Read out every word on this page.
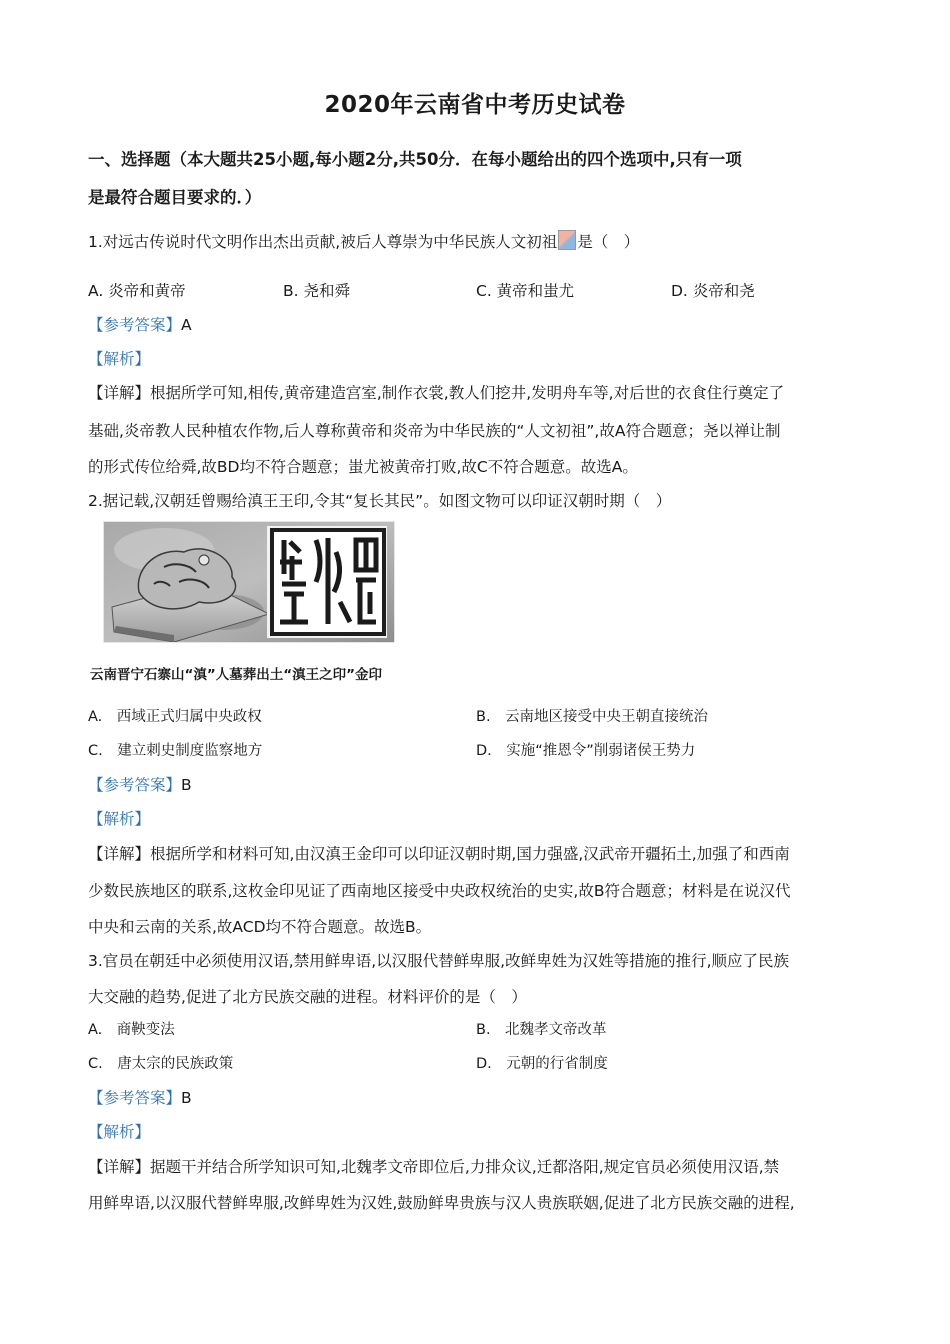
2020年云南省中考历史试卷
一、选择题（本大题共25小题,每小题2分,共50分．在每小题给出的四个选项中,只有一项
是最符合题目要求的．）
1.对远古传说时代文明作出杰出贡献,被后人尊崇为中华民族人文初祖 是（　）
A. 炎帝和黄帝	B. 尧和舜	C. 黄帝和蚩尤	D. 炎帝和尧
【参考答案】A
【解析】
【详解】根据所学可知,相传,黄帝建造宫室,制作衣裳,教人们挖井,发明舟车等,对后世的衣食住行奠定了
基础,炎帝教人民种植农作物,后人尊称黄帝和炎帝为中华民族的“人文初祖”,故A符合题意；尧以禅让制
的形式传位给舜,故BD均不符合题意；蚩尤被黄帝打败,故C不符合题意。故选A。
2.据记载,汉朝廷曾赐给滇王王印,令其“复长其民”。如图文物可以印证汉朝时期（　）
云南晋宁石寨山“滇”人墓葬出土“滇王之印”金印
A.　西域正式归属中央政权	B.　云南地区接受中央王朝直接统治
C.　建立刺史制度监察地方	D.　实施“推恩令”削弱诸侯王势力
【参考答案】B
【解析】
【详解】根据所学和材料可知,由汉滇王金印可以印证汉朝时期,国力强盛,汉武帝开疆拓土,加强了和西南
少数民族地区的联系,这枚金印见证了西南地区接受中央政权统治的史实,故B符合题意；材料是在说汉代
中央和云南的关系,故ACD均不符合题意。故选B。
3.官员在朝廷中必须使用汉语,禁用鲜卑语,以汉服代替鲜卑服,改鲜卑姓为汉姓等措施的推行,顺应了民族
大交融的趋势,促进了北方民族交融的进程。材料评价的是（　）
A.　商鞅变法	B.　北魏孝文帝改革
C.　唐太宗的民族政策	D.　元朝的行省制度
【参考答案】B
【解析】
【详解】据题干并结合所学知识可知,北魏孝文帝即位后,力排众议,迁都洛阳,规定官员必须使用汉语,禁
用鲜卑语,以汉服代替鲜卑服,改鲜卑姓为汉姓,鼓励鲜卑贵族与汉人贵族联姻,促进了北方民族交融的进程,
